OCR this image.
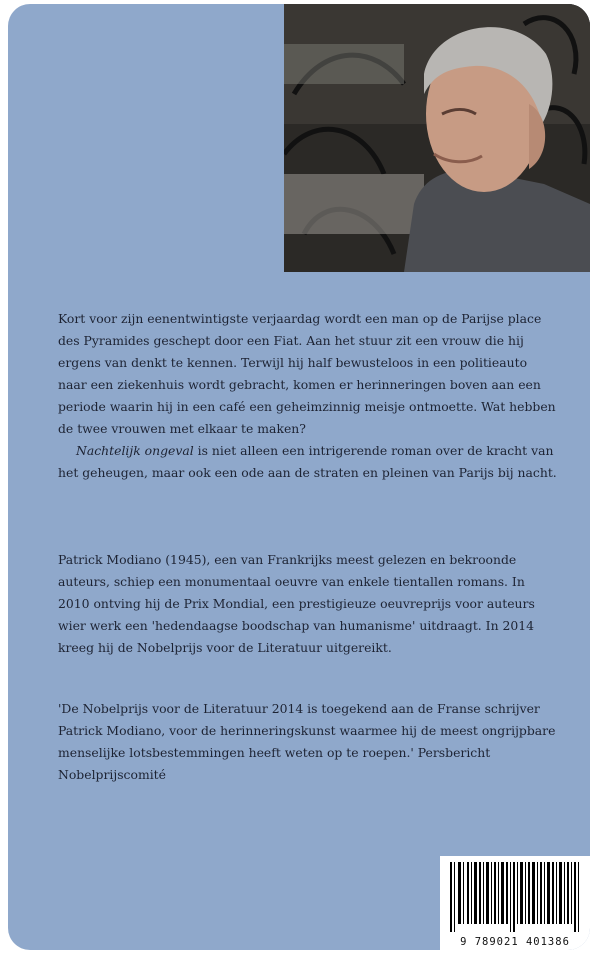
Kort voor zijn eenentwintigste verjaardag wordt een man op de Parijse place des Pyramides geschept door een Fiat. Aan het stuur zit een vrouw die hij ergens van denkt te kennen. Terwijl hij half bewusteloos in een politieauto naar een ziekenhuis wordt gebracht, komen er herinneringen boven aan een periode waarin hij in een café een geheimzinnig meisje ontmoette. Wat hebben de twee vrouwen met elkaar te maken?

Nachtelijk ongeval is niet alleen een intrigerende roman over de kracht van het geheugen, maar ook een ode aan de straten en pleinen van Parijs bij nacht.

Patrick Modiano (1945), een van Frankrijks meest gelezen en bekroonde auteurs, schiep een monumentaal oeuvre van enkele tientallen romans. In 2010 ontving hij de Prix Mondial, een prestigieuze oeuvreprijs voor auteurs wier werk een 'hedendaagse boodschap van humanisme' uitdraagt. In 2014 kreeg hij de Nobelprijs voor de Literatuur uitgereikt.

'De Nobelprijs voor de Literatuur 2014 is toegekend aan de Franse schrijver Patrick Modiano, voor de herinneringskunst waarmee hij de meest ongrijpbare menselijke lotsbestemmingen heeft weten op te roepen.' Persbericht Nobelprijscomité

9 789021 401386
